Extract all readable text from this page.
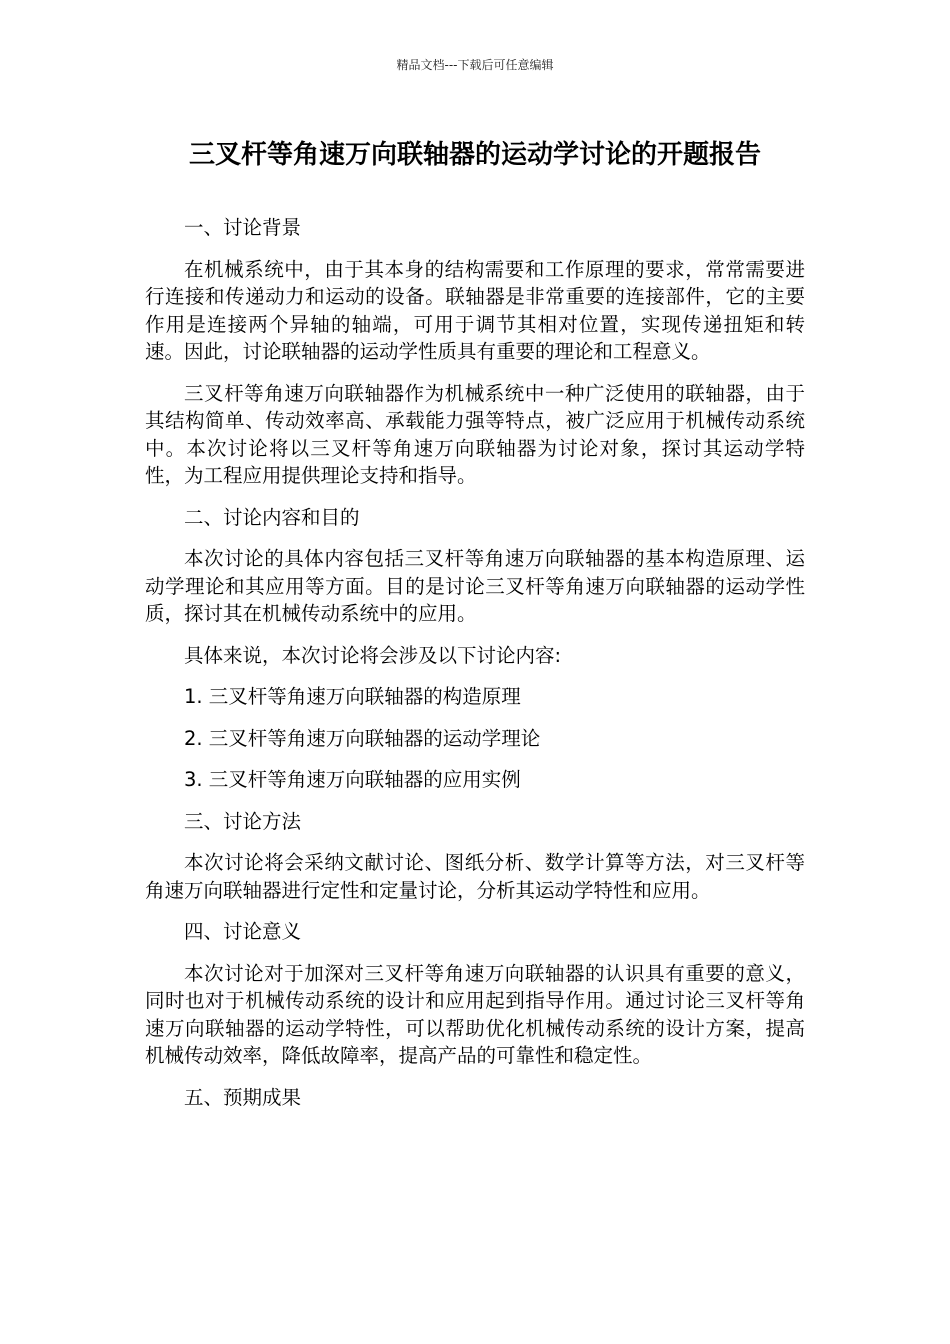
精品文档---下载后可任意编辑
三叉杆等角速万向联轴器的运动学讨论的开题报告

一、讨论背景

在机械系统中，由于其本身的结构需要和工作原理的要求，常常需要进行连接和传递动力和运动的设备。联轴器是非常重要的连接部件，它的主要作用是连接两个异轴的轴端，可用于调节其相对位置，实现传递扭矩和转速。因此，讨论联轴器的运动学性质具有重要的理论和工程意义。

三叉杆等角速万向联轴器作为机械系统中一种广泛使用的联轴器，由于其结构简单、传动效率高、承载能力强等特点，被广泛应用于机械传动系统中。本次讨论将以三叉杆等角速万向联轴器为讨论对象，探讨其运动学特性，为工程应用提供理论支持和指导。

二、讨论内容和目的

本次讨论的具体内容包括三叉杆等角速万向联轴器的基本构造原理、运动学理论和其应用等方面。目的是讨论三叉杆等角速万向联轴器的运动学性质，探讨其在机械传动系统中的应用。

具体来说，本次讨论将会涉及以下讨论内容:

1. 三叉杆等角速万向联轴器的构造原理

2. 三叉杆等角速万向联轴器的运动学理论

3. 三叉杆等角速万向联轴器的应用实例

三、讨论方法

本次讨论将会采纳文献讨论、图纸分析、数学计算等方法，对三叉杆等角速万向联轴器进行定性和定量讨论，分析其运动学特性和应用。

四、讨论意义

本次讨论对于加深对三叉杆等角速万向联轴器的认识具有重要的意义，同时也对于机械传动系统的设计和应用起到指导作用。通过讨论三叉杆等角速万向联轴器的运动学特性，可以帮助优化机械传动系统的设计方案，提高机械传动效率，降低故障率，提高产品的可靠性和稳定性。

五、预期成果
